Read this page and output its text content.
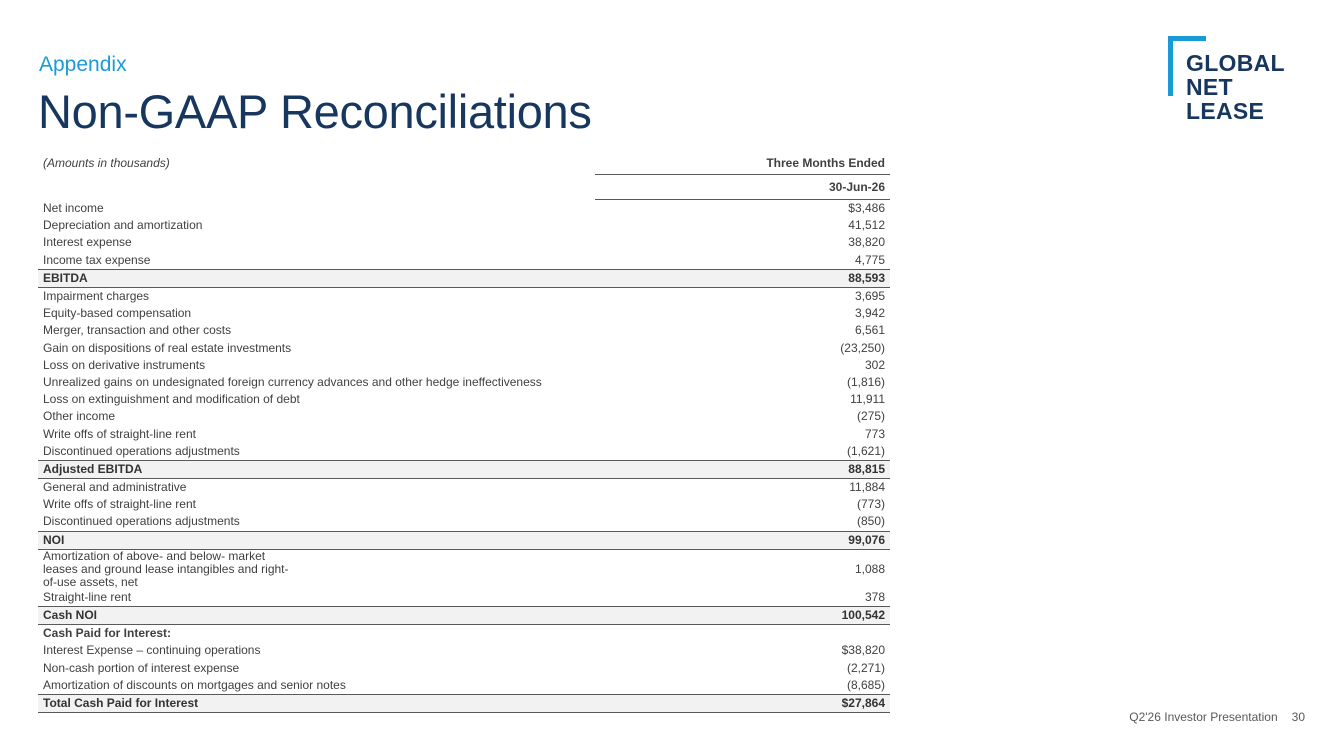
Appendix
Non-GAAP Reconciliations
GLOBAL
NET
LEASE
(Amounts in thousands)	Three Months Ended
	30-Jun-26
Net income	$3,486
Depreciation and amortization	41,512
Interest expense	38,820
Income tax expense	4,775
EBITDA	88,593
Impairment charges	3,695
Equity-based compensation	3,942
Merger, transaction and other costs	6,561
Gain on dispositions of real estate investments	(23,250)
Loss on derivative instruments	302
Unrealized gains on undesignated foreign currency advances and other hedge ineffectiveness	(1,816)
Loss on extinguishment and modification of debt	11,911
Other income	(275)
Write offs of straight-line rent	773
Discontinued operations adjustments	(1,621)
Adjusted EBITDA	88,815
General and administrative	11,884
Write offs of straight-line rent	(773)
Discontinued operations adjustments	(850)
NOI	99,076
Amortization of above- and below- market leases and ground lease intangibles and right-of-use assets, net	1,088
Straight-line rent	378
Cash NOI	100,542
Cash Paid for Interest:	
Interest Expense – continuing operations	$38,820
Non-cash portion of interest expense	(2,271)
Amortization of discounts on mortgages and senior notes	(8,685)
Total Cash Paid for Interest	$27,864
Q2'26 Investor Presentation 30
